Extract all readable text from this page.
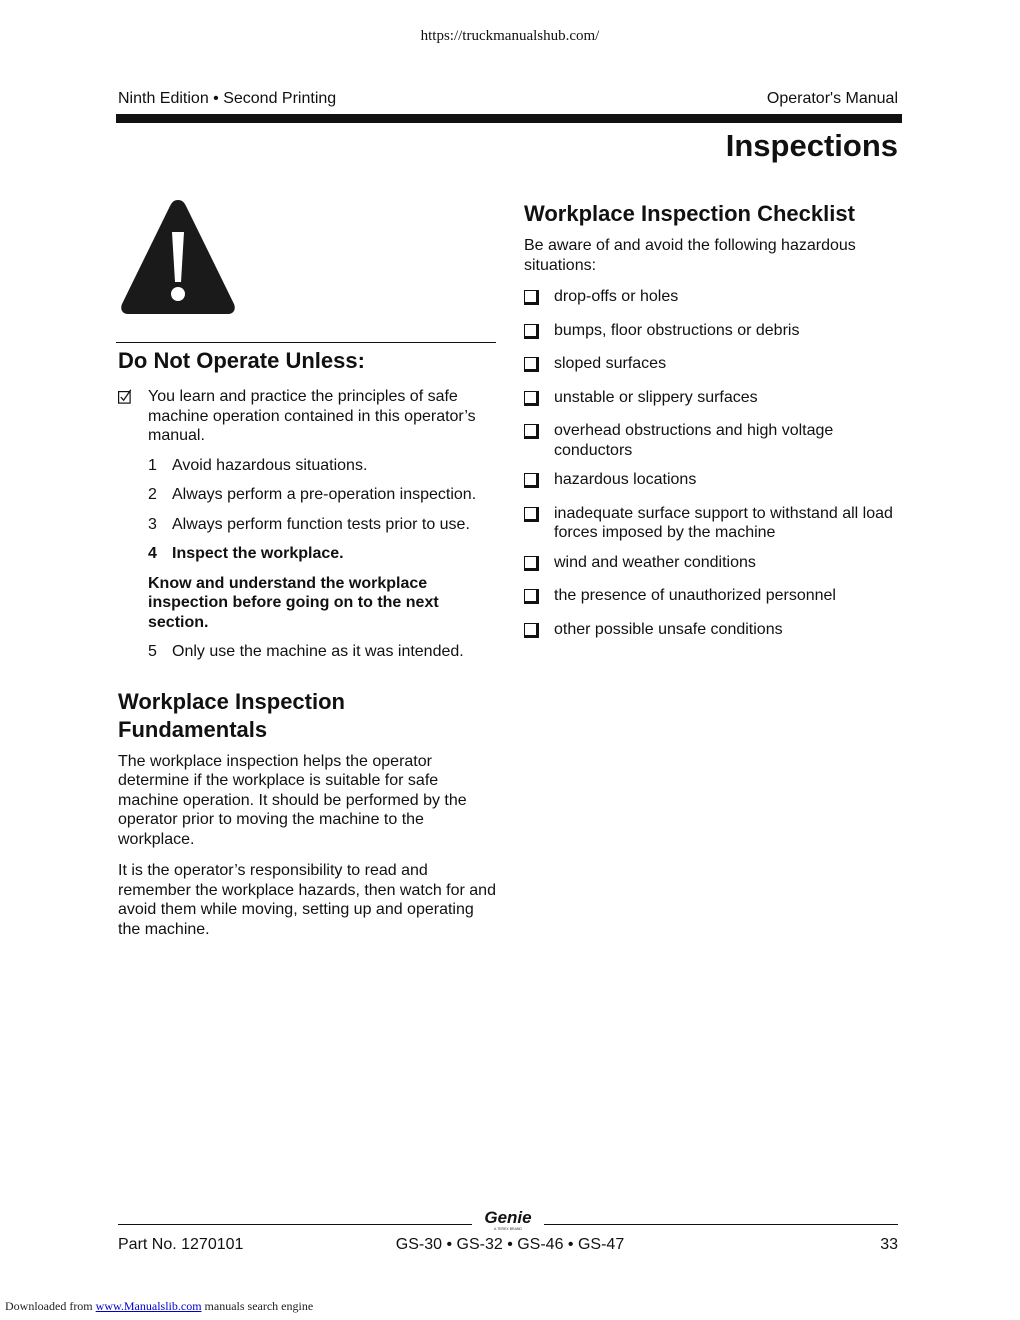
https://truckmanualshub.com/
Ninth Edition • Second Printing	Operator's Manual
Inspections
Do Not Operate Unless:

You learn and practice the principles of safe machine operation contained in this operator’s manual.

1 Avoid hazardous situations.
2 Always perform a pre-operation inspection.
3 Always perform function tests prior to use.
4 Inspect the workplace.

Know and understand the workplace inspection before going on to the next section.

5 Only use the machine as it was intended.
Workplace Inspection Fundamentals

The workplace inspection helps the operator determine if the workplace is suitable for safe machine operation. It should be performed by the operator prior to moving the machine to the workplace.

It is the operator’s responsibility to read and remember the workplace hazards, then watch for and avoid them while moving, setting up and operating the machine.

Workplace Inspection Checklist

Be aware of and avoid the following hazardous situations:

drop-offs or holes
bumps, floor obstructions or debris
sloped surfaces
unstable or slippery surfaces
overhead obstructions and high voltage conductors
hazardous locations
inadequate surface support to withstand all load forces imposed by the machine
wind and weather conditions
the presence of unauthorized personnel
other possible unsafe conditions
Genie
A TEREX BRAND
Part No. 1270101	GS-30 • GS-32 • GS-46 • GS-47	33
Downloaded from www.Manualslib.com manuals search engine
